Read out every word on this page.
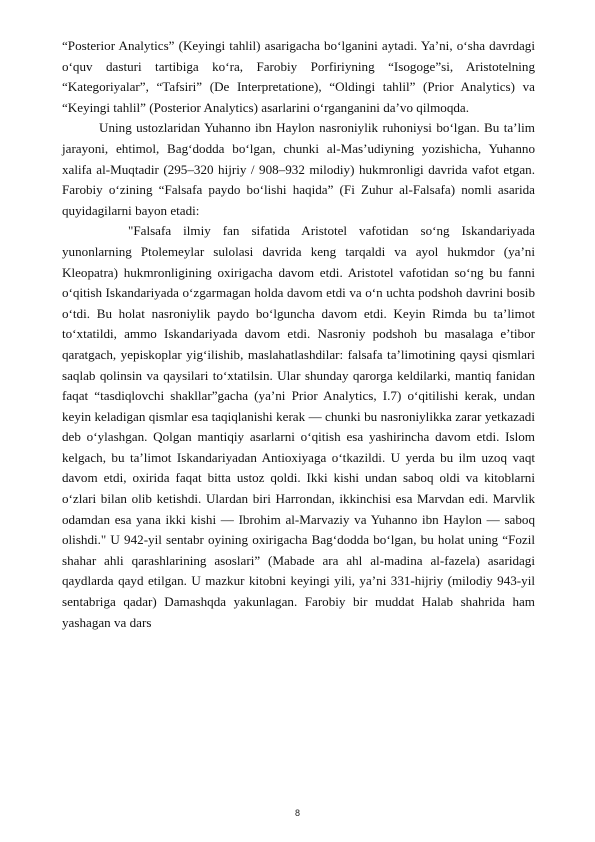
“Posterior Analytics” (Keyingi tahlil) asarigacha bo‘lganini aytadi. Ya’ni, o‘sha davrdagi o‘quv dasturi tartibiga ko‘ra, Farobiy Porfiriyning “Isogoge”si, Aristotelning “Kategoriyalar”, “Tafsiri” (De Interpretatione), “Oldingi tahlil” (Prior Analytics) va “Keyingi tahlil” (Posterior Analytics) asarlarini o‘rganganini da’vo qilmoqda.

Uning ustozlaridan Yuhanno ibn Haylon nasroniylik ruhoniysi bo‘lgan. Bu ta’lim jarayoni, ehtimol, Bag‘dodda bo‘lgan, chunki al-Mas’udiyning yozishicha, Yuhanno xalifa al-Muqtadir (295–320 hijriy / 908–932 milodiy) hukmronligi davrida vafot etgan. Farobiy o‘zining “Falsafa paydo bo‘lishi haqida” (Fi Zuhur al-Falsafa) nomli asarida quyidagilarni bayon etadi:

"Falsafa ilmiy fan sifatida Aristotel vafotidan so‘ng Iskandariyada yunonlarning Ptolemeylar sulolasi davrida keng tarqaldi va ayol hukmdor (ya’ni Kleopatra) hukmronligining oxirigacha davom etdi. Aristotel vafotidan so‘ng bu fanni o‘qitish Iskandariyada o‘zgarmagan holda davom etdi va o‘n uchta podshoh davrini bosib o‘tdi. Bu holat nasroniylik paydo bo‘lguncha davom etdi. Keyin Rimda bu ta’limot to‘xtatildi, ammo Iskandariyada davom etdi. Nasroniy podshoh bu masalaga e’tibor qaratgach, yepiskoplar yig‘ilishib, maslahatlashdilar: falsafa ta’limotining qaysi qismlari saqlab qolinsin va qaysilari to‘xtatilsin. Ular shunday qarorga keldilarki, mantiq fanidan faqat “tasdiqlovchi shakllar”gacha (ya’ni Prior Analytics, I.7) o‘qitilishi kerak, undan keyin keladigan qismlar esa taqiqlanishi kerak — chunki bu nasroniylikka zarar yetkazadi deb o‘ylashgan. Qolgan mantiqiy asarlarni o‘qitish esa yashirincha davom etdi. Islom kelgach, bu ta’limot Iskandariyadan Antioxiyaga o‘tkazildi. U yerda bu ilm uzoq vaqt davom etdi, oxirida faqat bitta ustoz qoldi. Ikki kishi undan saboq oldi va kitoblarni o‘zlari bilan olib ketishdi. Ulardan biri Harrondan, ikkinchisi esa Marvdan edi. Marvlik odamdan esa yana ikki kishi — Ibrohim al-Marvaziy va Yuhanno ibn Haylon — saboq olishdi." U 942-yil sentabr oyining oxirigacha Bag‘dodda bo‘lgan, bu holat uning “Fozil shahar ahli qarashlarining asoslari” (Mabade ara ahl al-madina al-fazela) asaridagi qaydlarda qayd etilgan. U mazkur kitobni keyingi yili, ya’ni 331-hijriy (milodiy 943-yil sentabriga qadar) Damashqda yakunlagan. Farobiy bir muddat Halab shahrida ham yashagan va dars

8
